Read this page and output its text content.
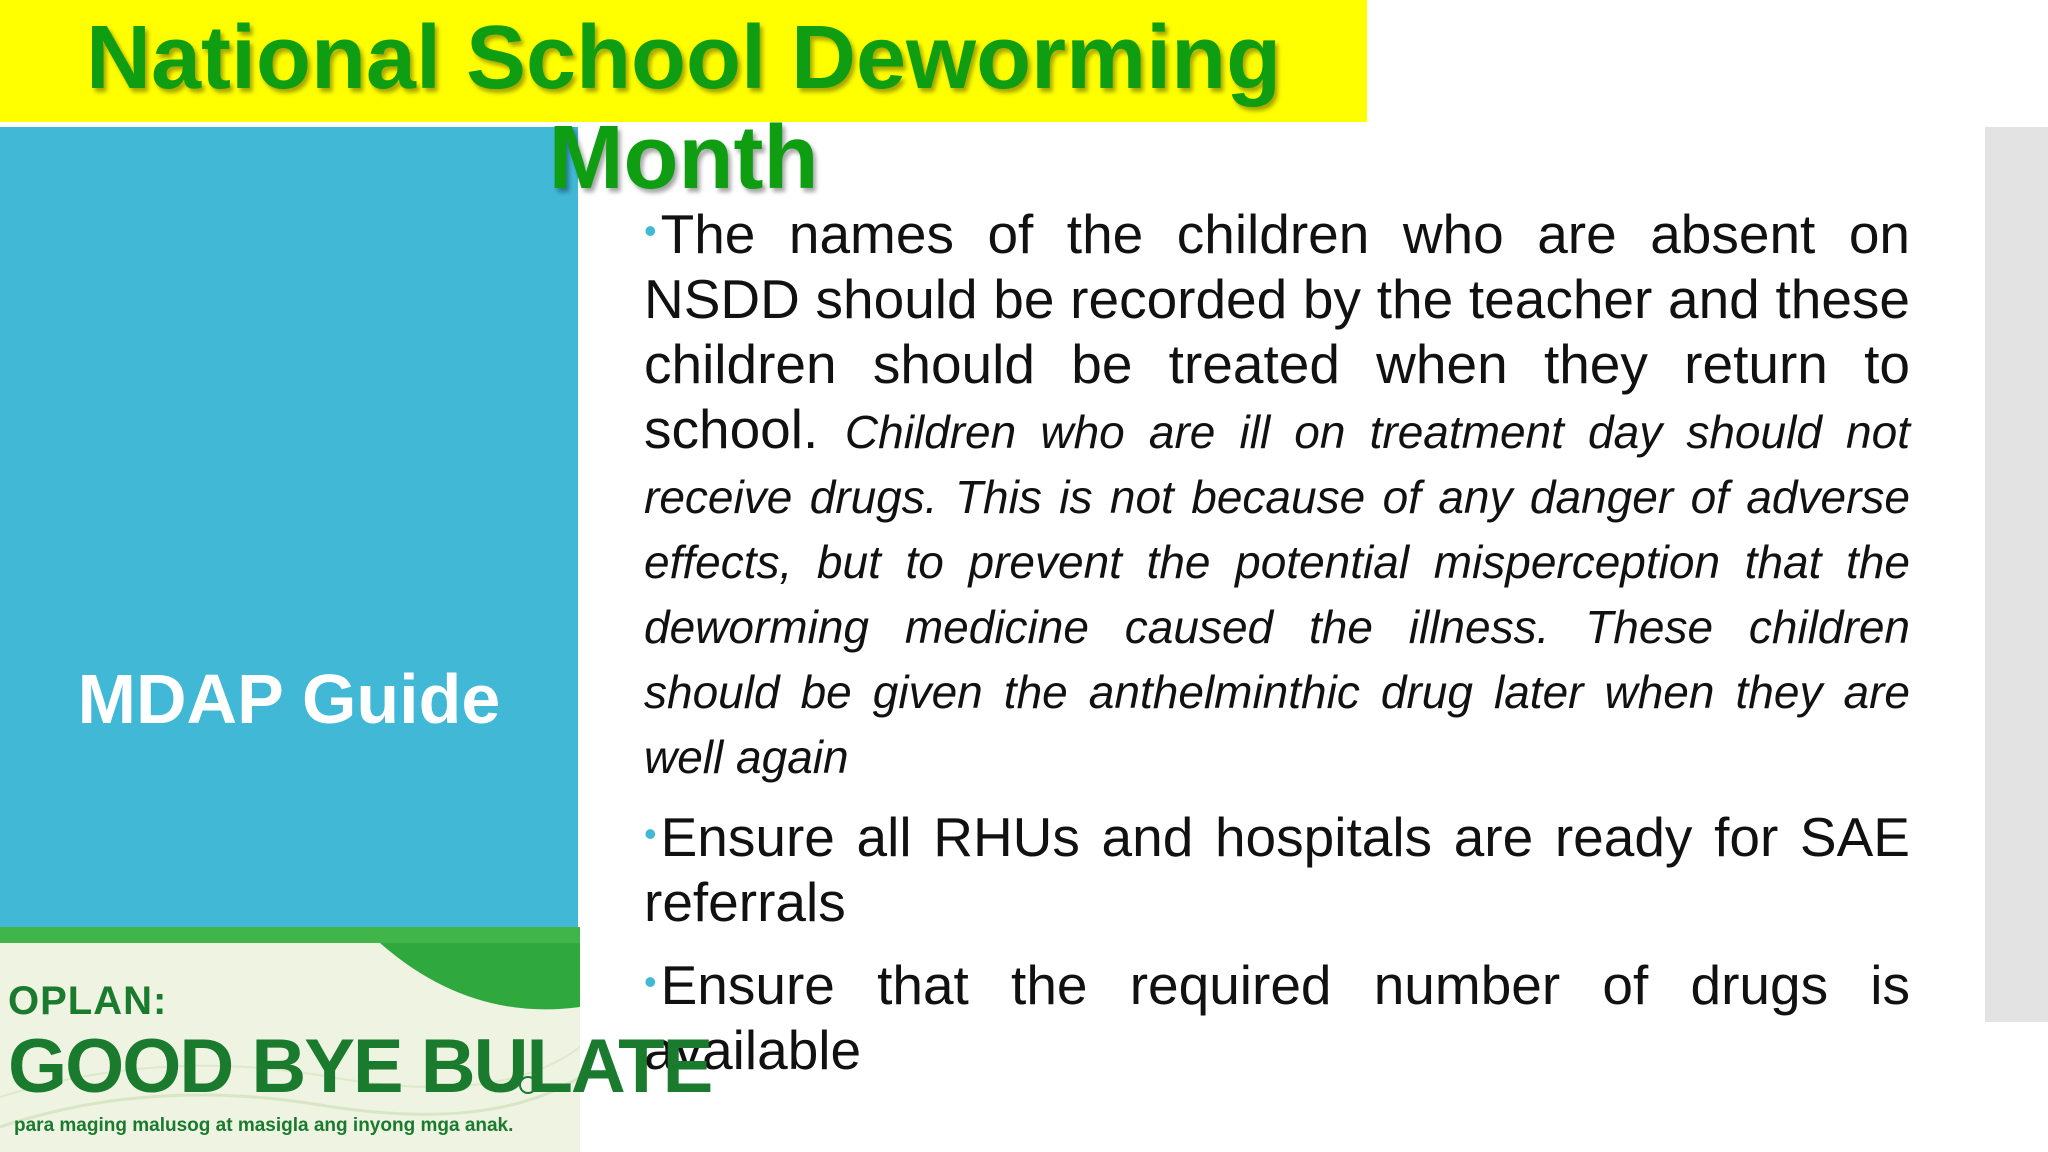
National School Deworming Month

MDAP Guide

•The names of the children who are absent on NSDD should be recorded by the teacher and these children should be treated when they return to school. Children who are ill on treatment day should not receive drugs. This is not because of any danger of adverse effects, but to prevent the potential misperception that the deworming medicine caused the illness. These children should be given the anthelminthic drug later when they are well again

•Ensure all RHUs and hospitals are ready for SAE referrals

•Ensure that the required number of drugs is available

OPLAN:
GOOD BYE BULATE
para maging malusog at masigla ang inyong mga anak.
